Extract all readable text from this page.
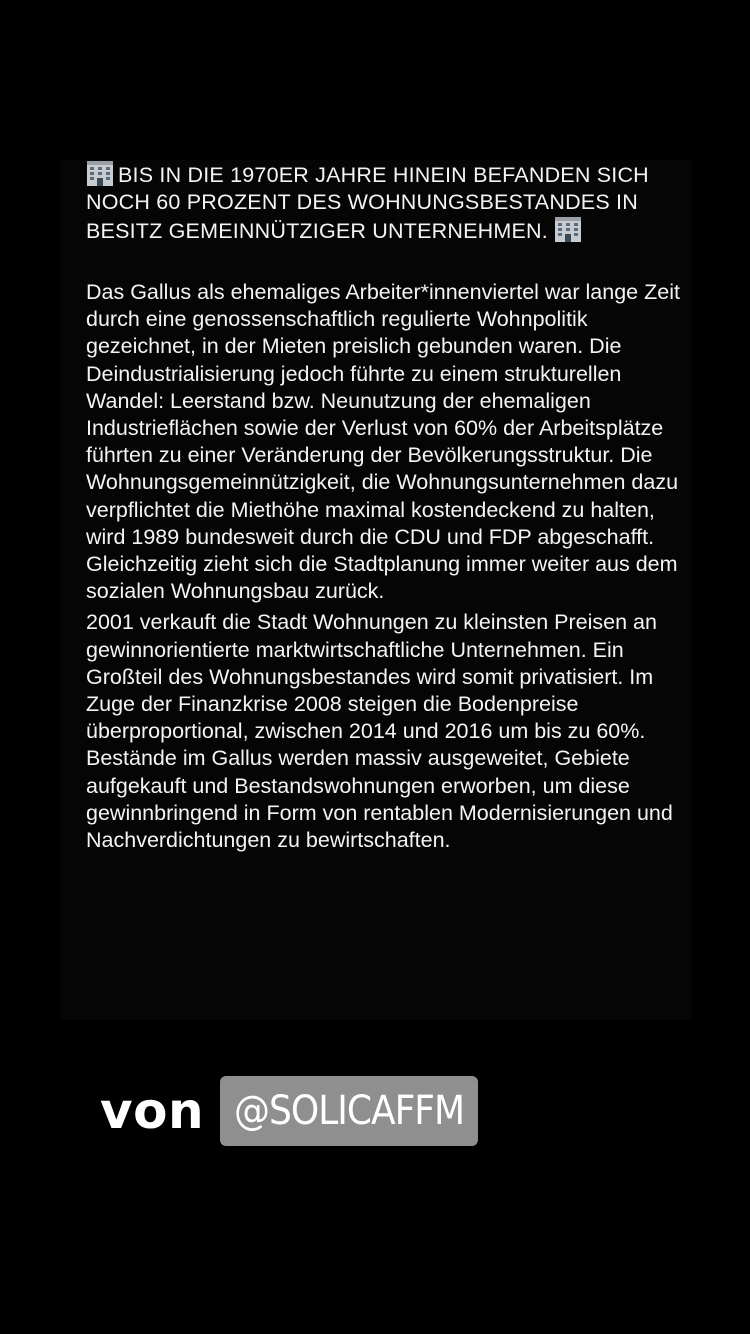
BIS IN DIE 1970ER JAHRE HINEIN BEFANDEN SICH NOCH 60 PROZENT DES WOHNUNGSBESTANDES IN BESITZ GEMEINNÜTZIGER UNTERNEHMEN.

Das Gallus als ehemaliges Arbeiter*innenviertel war lange Zeit durch eine genossenschaftlich regulierte Wohnpolitik gezeichnet, in der Mieten preislich gebunden waren. Die Deindustrialisierung jedoch führte zu einem strukturellen Wandel: Leerstand bzw. Neunutzung der ehemaligen Industrieflächen sowie der Verlust von 60% der Arbeitsplätze führten zu einer Veränderung der Bevölkerungsstruktur. Die Wohnungsgemeinnützigkeit, die Wohnungsunternehmen dazu verpflichtet die Miethöhe maximal kostendeckend zu halten, wird 1989 bundesweit durch die CDU und FDP abgeschafft. Gleichzeitig zieht sich die Stadtplanung immer weiter aus dem sozialen Wohnungsbau zurück.

2001 verkauft die Stadt Wohnungen zu kleinsten Preisen an gewinnorientierte marktwirtschaftliche Unternehmen. Ein Großteil des Wohnungsbestandes wird somit privatisiert. Im Zuge der Finanzkrise 2008 steigen die Bodenpreise überproportional, zwischen 2014 und 2016 um bis zu 60%. Bestände im Gallus werden massiv ausgeweitet, Gebiete aufgekauft und Bestandswohnungen erworben, um diese gewinnbringend in Form von rentablen Modernisierungen und Nachverdichtungen zu bewirtschaften.

von @SOLICAFFM
